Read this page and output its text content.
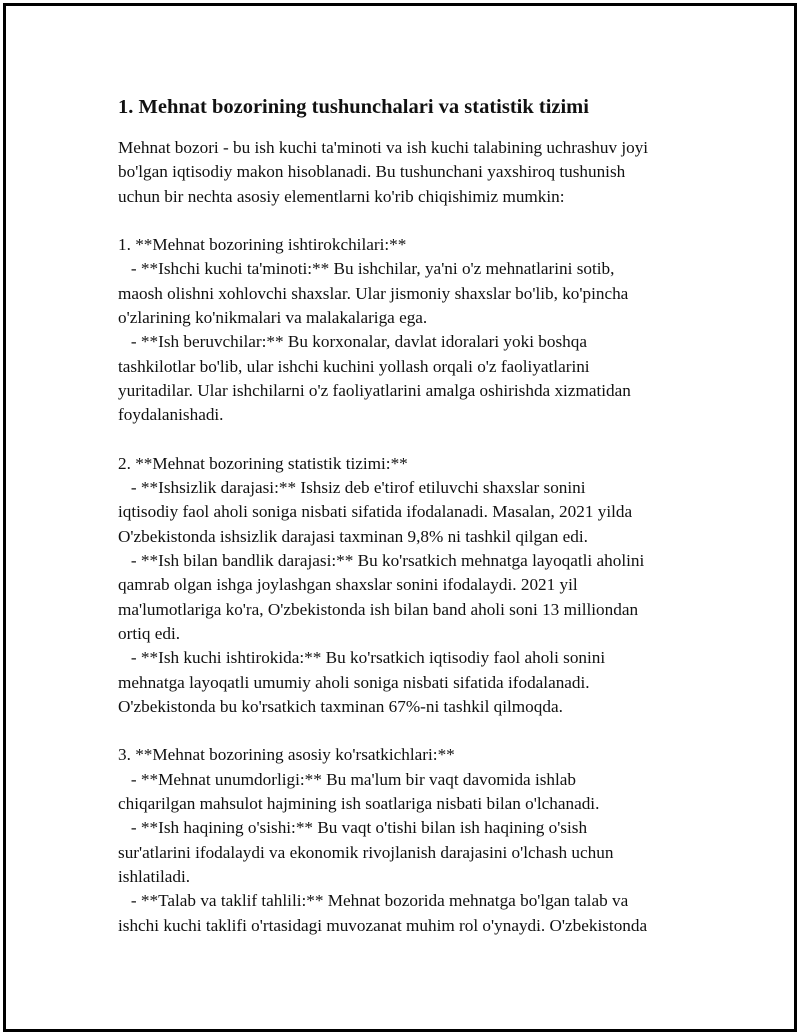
1. Mehnat bozorining tushunchalari va statistik tizimi
Mehnat bozori - bu ish kuchi ta'minoti va ish kuchi talabining uchrashuv joyi
bo'lgan iqtisodiy makon hisoblanadi. Bu tushunchani yaxshiroq tushunish
uchun bir nechta asosiy elementlarni ko'rib chiqishimiz mumkin:
1. **Mehnat bozorining ishtirokchilari:**
- **Ishchi kuchi ta'minoti:** Bu ishchilar, ya'ni o'z mehnatlarini sotib,
maosh olishni xohlovchi shaxslar. Ular jismoniy shaxslar bo'lib, ko'pincha
o'zlarining ko'nikmalari va malakalariga ega.
- **Ish beruvchilar:** Bu korxonalar, davlat idoralari yoki boshqa
tashkilotlar bo'lib, ular ishchi kuchini yollash orqali o'z faoliyatlarini
yuritadilar. Ular ishchilarni o'z faoliyatlarini amalga oshirishda xizmatidan
foydalanishadi.
2. **Mehnat bozorining statistik tizimi:**
- **Ishsizlik darajasi:** Ishsiz deb e'tirof etiluvchi shaxslar sonini
iqtisodiy faol aholi soniga nisbati sifatida ifodalanadi. Masalan, 2021 yilda
O'zbekistonda ishsizlik darajasi taxminan 9,8% ni tashkil qilgan edi.
- **Ish bilan bandlik darajasi:** Bu ko'rsatkich mehnatga layoqatli aholini
qamrab olgan ishga joylashgan shaxslar sonini ifodalaydi. 2021 yil
ma'lumotlariga ko'ra, O'zbekistonda ish bilan band aholi soni 13 milliondan
ortiq edi.
- **Ish kuchi ishtirokida:** Bu ko'rsatkich iqtisodiy faol aholi sonini
mehnatga layoqatli umumiy aholi soniga nisbati sifatida ifodalanadi.
O'zbekistonda bu ko'rsatkich taxminan 67%-ni tashkil qilmoqda.
3. **Mehnat bozorining asosiy ko'rsatkichlari:**
- **Mehnat unumdorligi:** Bu ma'lum bir vaqt davomida ishlab
chiqarilgan mahsulot hajmining ish soatlariga nisbati bilan o'lchanadi.
- **Ish haqining o'sishi:** Bu vaqt o'tishi bilan ish haqining o'sish
sur'atlarini ifodalaydi va ekonomik rivojlanish darajasini o'lchash uchun
ishlatiladi.
- **Talab va taklif tahlili:** Mehnat bozorida mehnatga bo'lgan talab va
ishchi kuchi taklifi o'rtasidagi muvozanat muhim rol o'ynaydi. O'zbekistonda
